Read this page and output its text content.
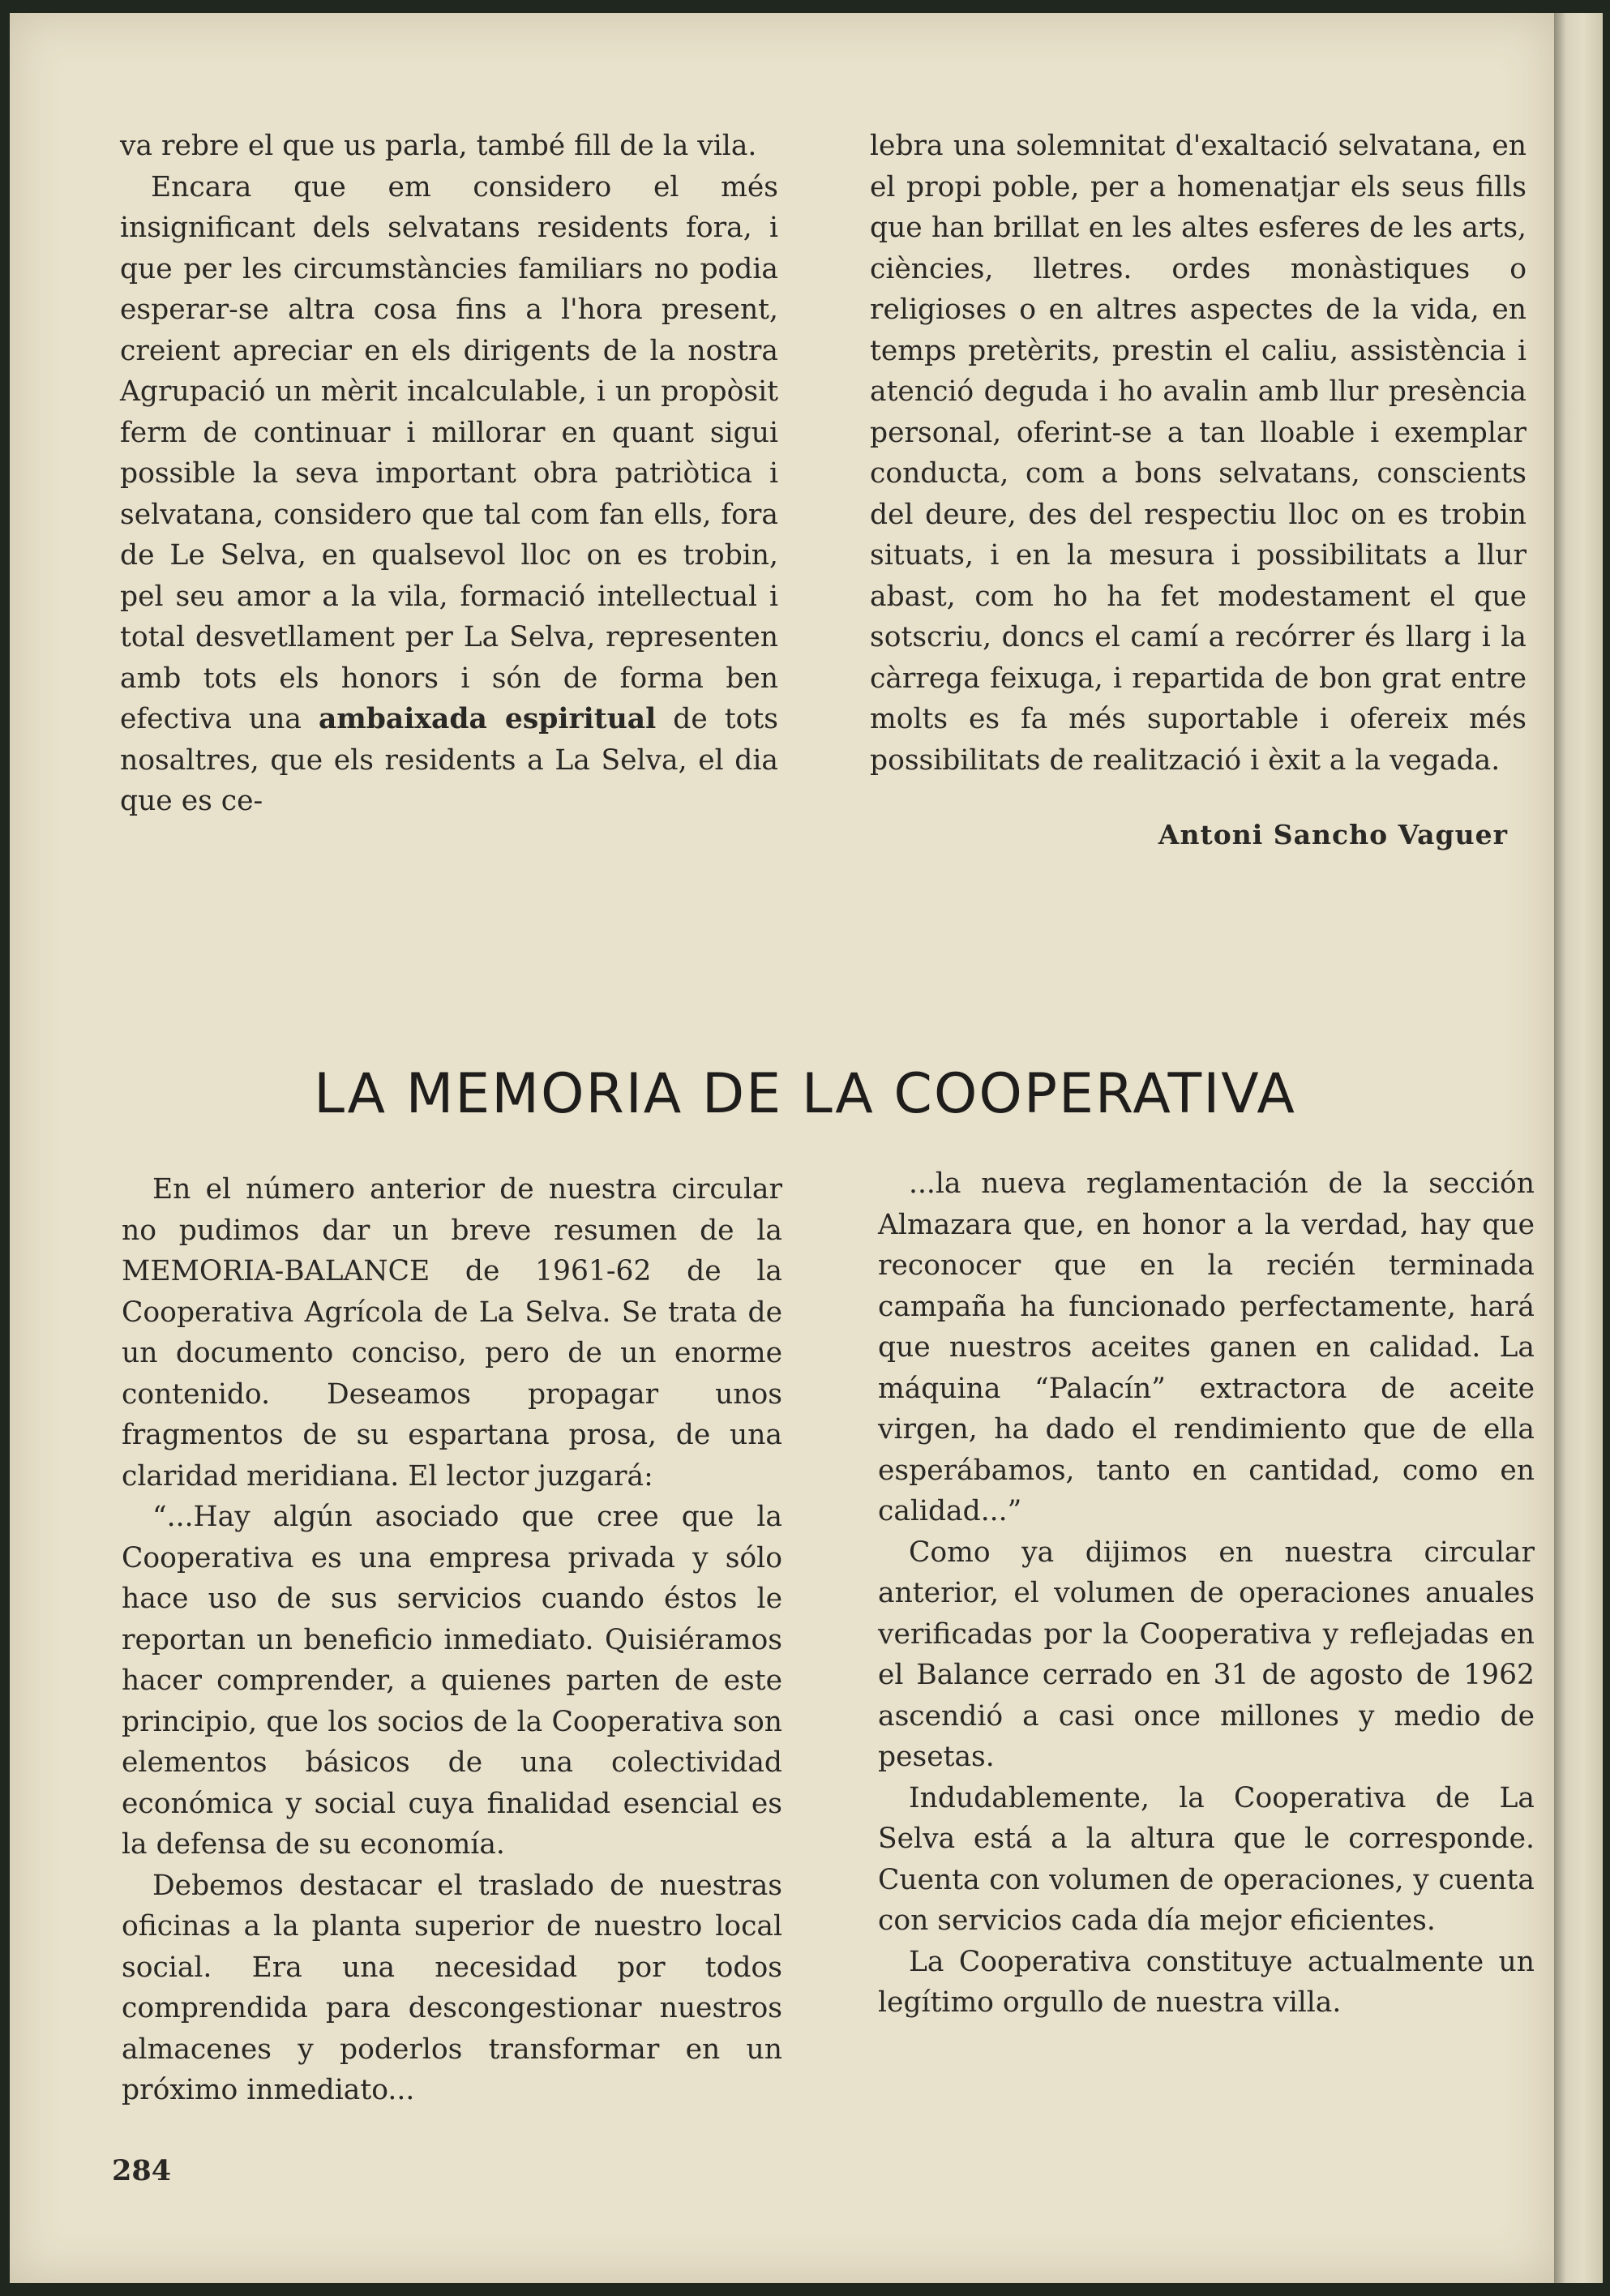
va rebre el que us parla, també fill de la vila.

Encara que em considero el més insignificant dels selvatans residents fora, i que per les circumstàncies familiars no podia esperar-se altra cosa fins a l'hora present, creient apreciar en els dirigents de la nostra Agrupació un mèrit incalculable, i un propòsit ferm de continuar i millorar en quant sigui possible la seva important obra patriòtica i selvatana, considero que tal com fan ells, fora de Le Selva, en qualsevol lloc on es trobin, pel seu amor a la vila, formació intellectual i total desvetllament per La Selva, representen amb tots els honors i són de forma ben efectiva una ambaixada espiritual de tots nosaltres, que els residents a La Selva, el dia que es ce-

lebra una solemnitat d'exaltació selvatana, en el propi poble, per a homenatjar els seus fills que han brillat en les altes esferes de les arts, ciències, lletres. ordes monàstiques o religioses o en altres aspectes de la vida, en temps pretèrits, prestin el caliu, assistència i atenció deguda i ho avalin amb llur presència personal, oferint-se a tan lloable i exemplar conducta, com a bons selvatans, conscients del deure, des del respectiu lloc on es trobin situats, i en la mesura i possibilitats a llur abast, com ho ha fet modestament el que sotscriu, doncs el camí a recórrer és llarg i la càrrega feixuga, i repartida de bon grat entre molts es fa més suportable i ofereix més possibilitats de realització i èxit a la vegada.

Antoni Sancho Vaguer
LA MEMORIA DE LA COOPERATIVA

En el número anterior de nuestra circular no pudimos dar un breve resumen de la MEMORIA-BALANCE de 1961-62 de la Cooperativa Agrícola de La Selva. Se trata de un documento conciso, pero de un enorme contenido. Deseamos propagar unos fragmentos de su espartana prosa, de una claridad meridiana. El lector juzgará:

“...Hay algún asociado que cree que la Cooperativa es una empresa privada y sólo hace uso de sus servicios cuando éstos le reportan un beneficio inmediato. Quisiéramos hacer comprender, a quienes parten de este principio, que los socios de la Cooperativa son elementos básicos de una colectividad económica y social cuya finalidad esencial es la defensa de su economía.

Debemos destacar el traslado de nuestras oficinas a la planta superior de nuestro local social. Era una necesidad por todos comprendida para descongestionar nuestros almacenes y poderlos transformar en un próximo inmediato...

...la nueva reglamentación de la sección Almazara que, en honor a la verdad, hay que reconocer que en la recién terminada campaña ha funcionado perfectamente, hará que nuestros aceites ganen en calidad. La máquina “Palacín” extractora de aceite virgen, ha dado el rendimiento que de ella esperábamos, tanto en cantidad, como en calidad...”

Como ya dijimos en nuestra circular anterior, el volumen de operaciones anuales verificadas por la Cooperativa y reflejadas en el Balance cerrado en 31 de agosto de 1962 ascendió a casi once millones y medio de pesetas.

Indudablemente, la Cooperativa de La Selva está a la altura que le corresponde. Cuenta con volumen de operaciones, y cuenta con servicios cada día mejor eficientes.

La Cooperativa constituye actualmente un legítimo orgullo de nuestra villa.

284
